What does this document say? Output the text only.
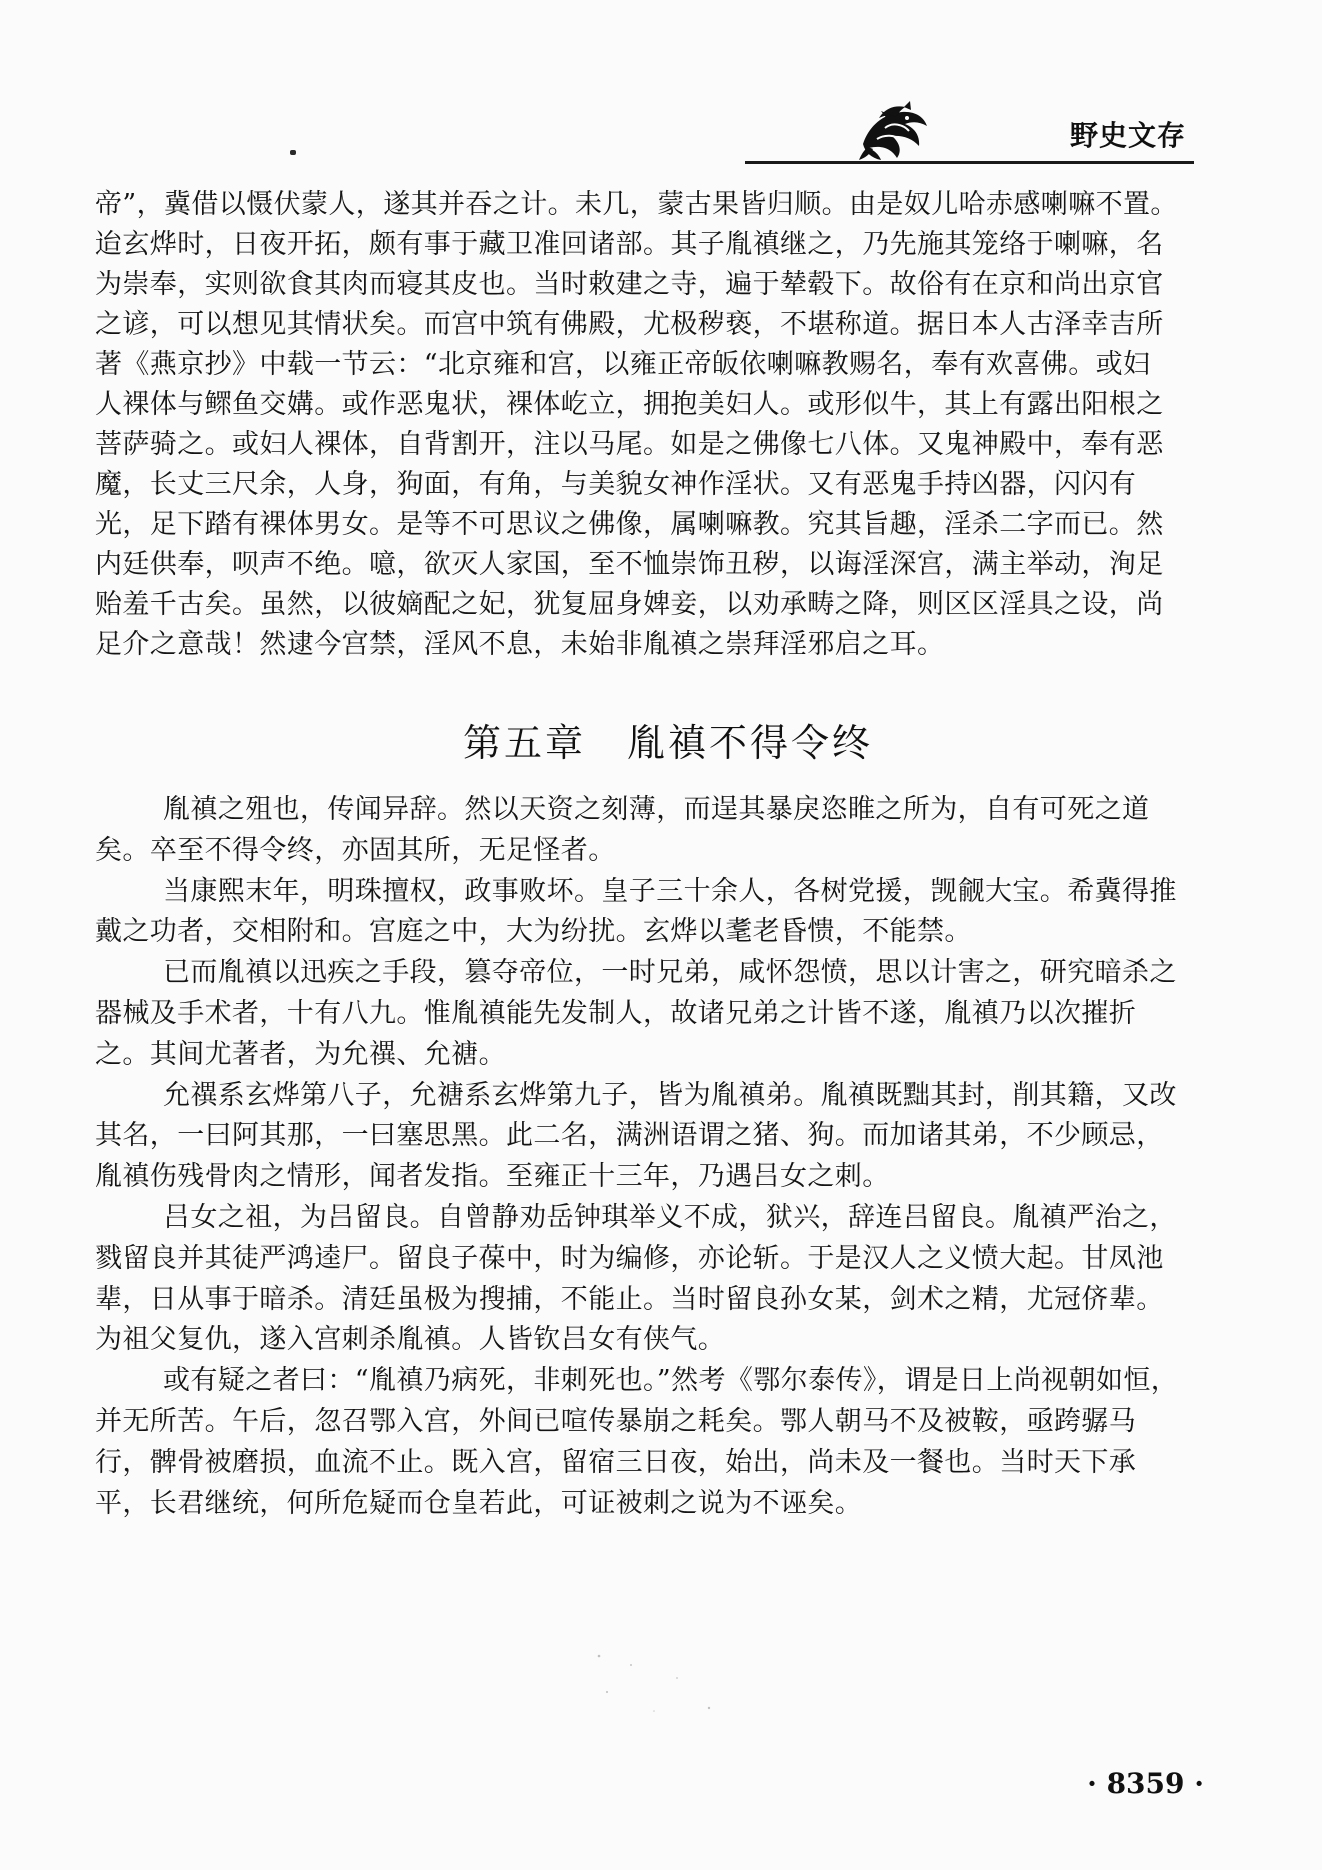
野史文存
帝”，冀借以慑伏蒙人，遂其并吞之计。未几，蒙古果皆归顺。由是奴儿哈赤感喇嘛不置。
迨玄烨时，日夜开拓，颇有事于藏卫准回诸部。其子胤禛继之，乃先施其笼络于喇嘛，名
为崇奉，实则欲食其肉而寝其皮也。当时敕建之寺，遍于辇毂下。故俗有在京和尚出京官
之谚，可以想见其情状矣。而宫中筑有佛殿，尤极秽亵，不堪称道。据日本人古泽幸吉所
著《燕京抄》中载一节云：“北京雍和宫，以雍正帝皈依喇嘛教赐名，奉有欢喜佛。或妇
人裸体与鳏鱼交媾。或作恶鬼状，裸体屹立，拥抱美妇人。或形似牛，其上有露出阳根之
菩萨骑之。或妇人裸体，自背割开，注以马尾。如是之佛像七八体。又鬼神殿中，奉有恶
魔，长丈三尺余，人身，狗面，有角，与美貌女神作淫状。又有恶鬼手持凶器，闪闪有
光，足下踏有裸体男女。是等不可思议之佛像，属喇嘛教。究其旨趣，淫杀二字而已。然
内廷供奉，呗声不绝。噫，欲灭人家国，至不恤崇饰丑秽，以诲淫深宫，满主举动，洵足
贻羞千古矣。虽然，以彼嫡配之妃，犹复屈身婢妾，以劝承畴之降，则区区淫具之设，尚
足介之意哉！然逮今宫禁，淫风不息，未始非胤禛之崇拜淫邪启之耳。
第五章　胤禛不得令终
胤禛之殂也，传闻异辞。然以天资之刻薄，而逞其暴戾恣睢之所为，自有可死之道
矣。卒至不得令终，亦固其所，无足怪者。
当康熙末年，明珠擅权，政事败坏。皇子三十余人，各树党援，觊觎大宝。希冀得推
戴之功者，交相附和。宫庭之中，大为纷扰。玄烨以耄老昏愦，不能禁。
已而胤禛以迅疾之手段，篡夺帝位，一时兄弟，咸怀怨愤，思以计害之，研究暗杀之
器械及手术者，十有八九。惟胤禛能先发制人，故诸兄弟之计皆不遂，胤禛乃以次摧折
之。其间尤著者，为允禩、允禟。
允禩系玄烨第八子，允禟系玄烨第九子，皆为胤禛弟。胤禛既黜其封，削其籍，又改
其名，一曰阿其那，一曰塞思黑。此二名，满洲语谓之猪、狗。而加诸其弟，不少顾忌，
胤禛伤残骨肉之情形，闻者发指。至雍正十三年，乃遇吕女之刺。
吕女之祖，为吕留良。自曾静劝岳钟琪举义不成，狱兴，辞连吕留良。胤禛严治之，
戮留良并其徒严鸿逵尸。留良子葆中，时为编修，亦论斩。于是汉人之义愤大起。甘凤池
辈，日从事于暗杀。清廷虽极为搜捕，不能止。当时留良孙女某，剑术之精，尤冠侪辈。
为祖父复仇，遂入宫刺杀胤禛。人皆钦吕女有侠气。
或有疑之者曰：“胤禛乃病死，非刺死也。”然考《鄂尔泰传》，谓是日上尚视朝如恒，
并无所苦。午后，忽召鄂入宫，外间已喧传暴崩之耗矣。鄂人朝马不及被鞍，亟跨骣马
行，髀骨被磨损，血流不止。既入宫，留宿三日夜，始出，尚未及一餐也。当时天下承
平，长君继统，何所危疑而仓皇若此，可证被刺之说为不诬矣。
· 8359 ·
